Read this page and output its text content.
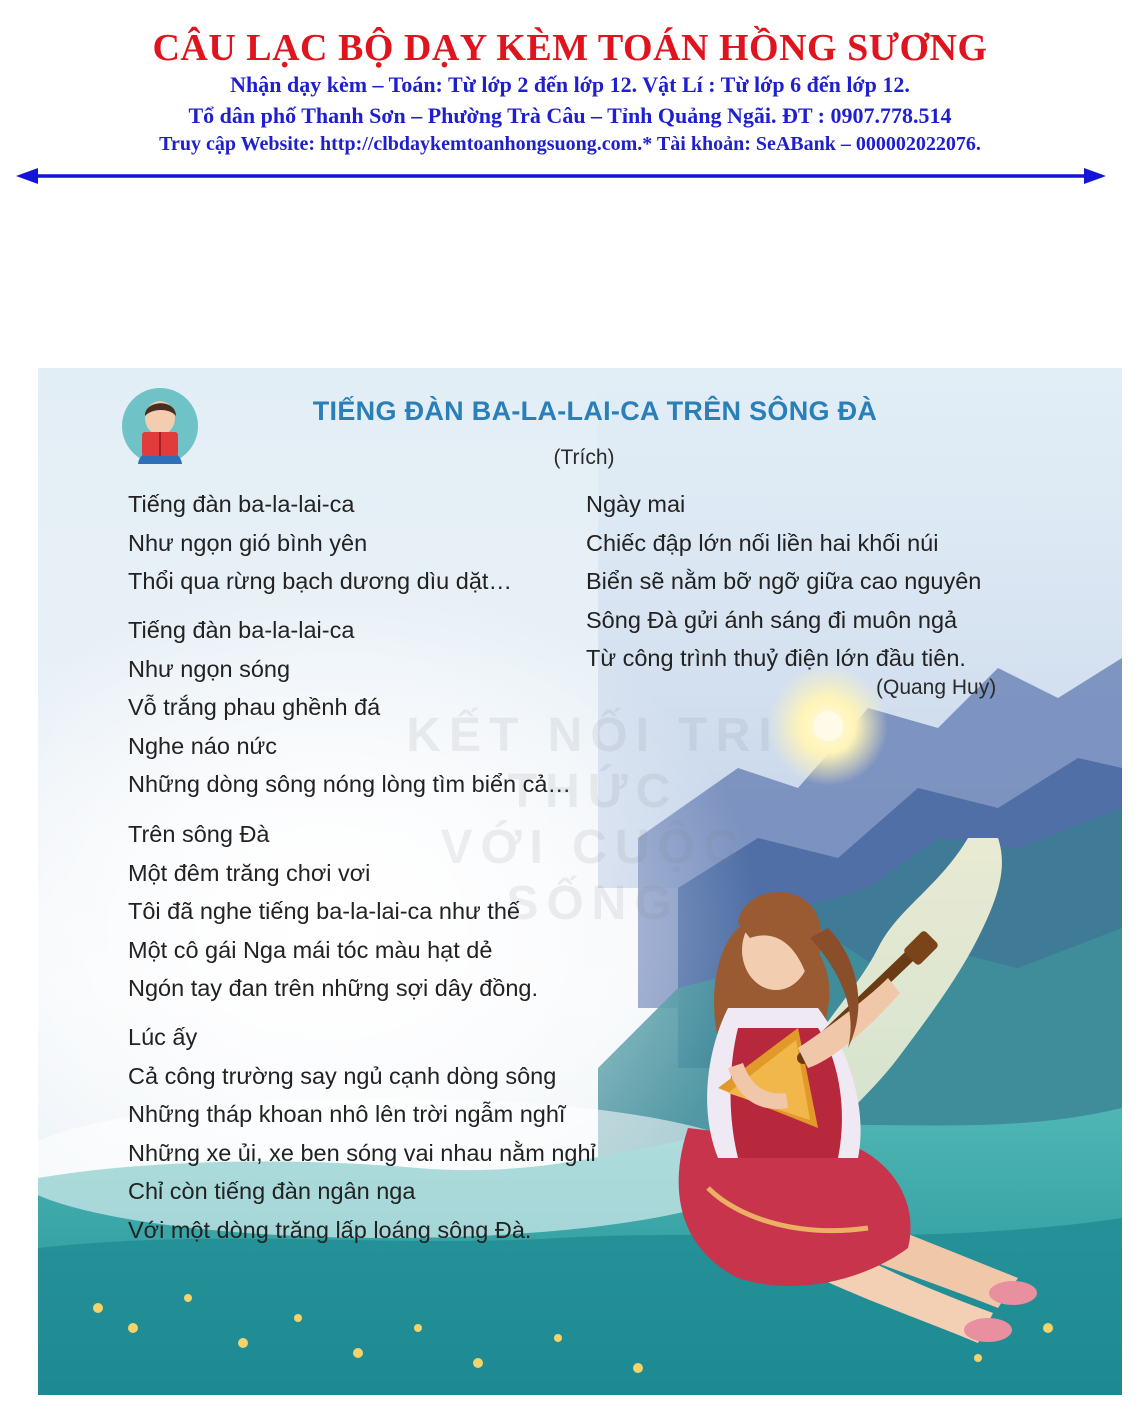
CÂU LẠC BỘ DẠY KÈM TOÁN HỒNG SƯƠNG
Nhận dạy kèm – Toán: Từ lớp 2 đến lớp 12. Vật Lí : Từ lớp 6 đến lớp 12.
Tổ dân phố Thanh Sơn – Phường Trà Câu – Tỉnh Quảng Ngãi. ĐT : 0907.778.514
Truy cập Website: http://clbdaykemtoanhongsuong.com.* Tài khoản: SeABank – 000002022076.
KẾT NỐI TRI THỨC
VỚI CUỘC SỐNG
TIẾNG ĐÀN BA-LA-LAI-CA TRÊN SÔNG ĐÀ
(Trích)
Tiếng đàn ba-la-lai-ca
Như ngọn gió bình yên
Thổi qua rừng bạch dương dìu dặt…
Tiếng đàn ba-la-lai-ca
Như ngọn sóng
Vỗ trắng phau ghềnh đá
Nghe náo nức
Những dòng sông nóng lòng tìm biển cả…
Trên sông Đà
Một đêm trăng chơi vơi
Tôi đã nghe tiếng ba-la-lai-ca như thế
Một cô gái Nga mái tóc màu hạt dẻ
Ngón tay đan trên những sợi dây đồng.
Lúc ấy
Cả công trường say ngủ cạnh dòng sông
Những tháp khoan nhô lên trời ngẫm nghĩ
Những xe ủi, xe ben sóng vai nhau nằm nghỉ
Chỉ còn tiếng đàn ngân nga
Với một dòng trăng lấp loáng sông Đà.
Ngày mai
Chiếc đập lớn nối liền hai khối núi
Biển sẽ nằm bỡ ngỡ giữa cao nguyên
Sông Đà gửi ánh sáng đi muôn ngả
Từ công trình thuỷ điện lớn đầu tiên.
(Quang Huy)
